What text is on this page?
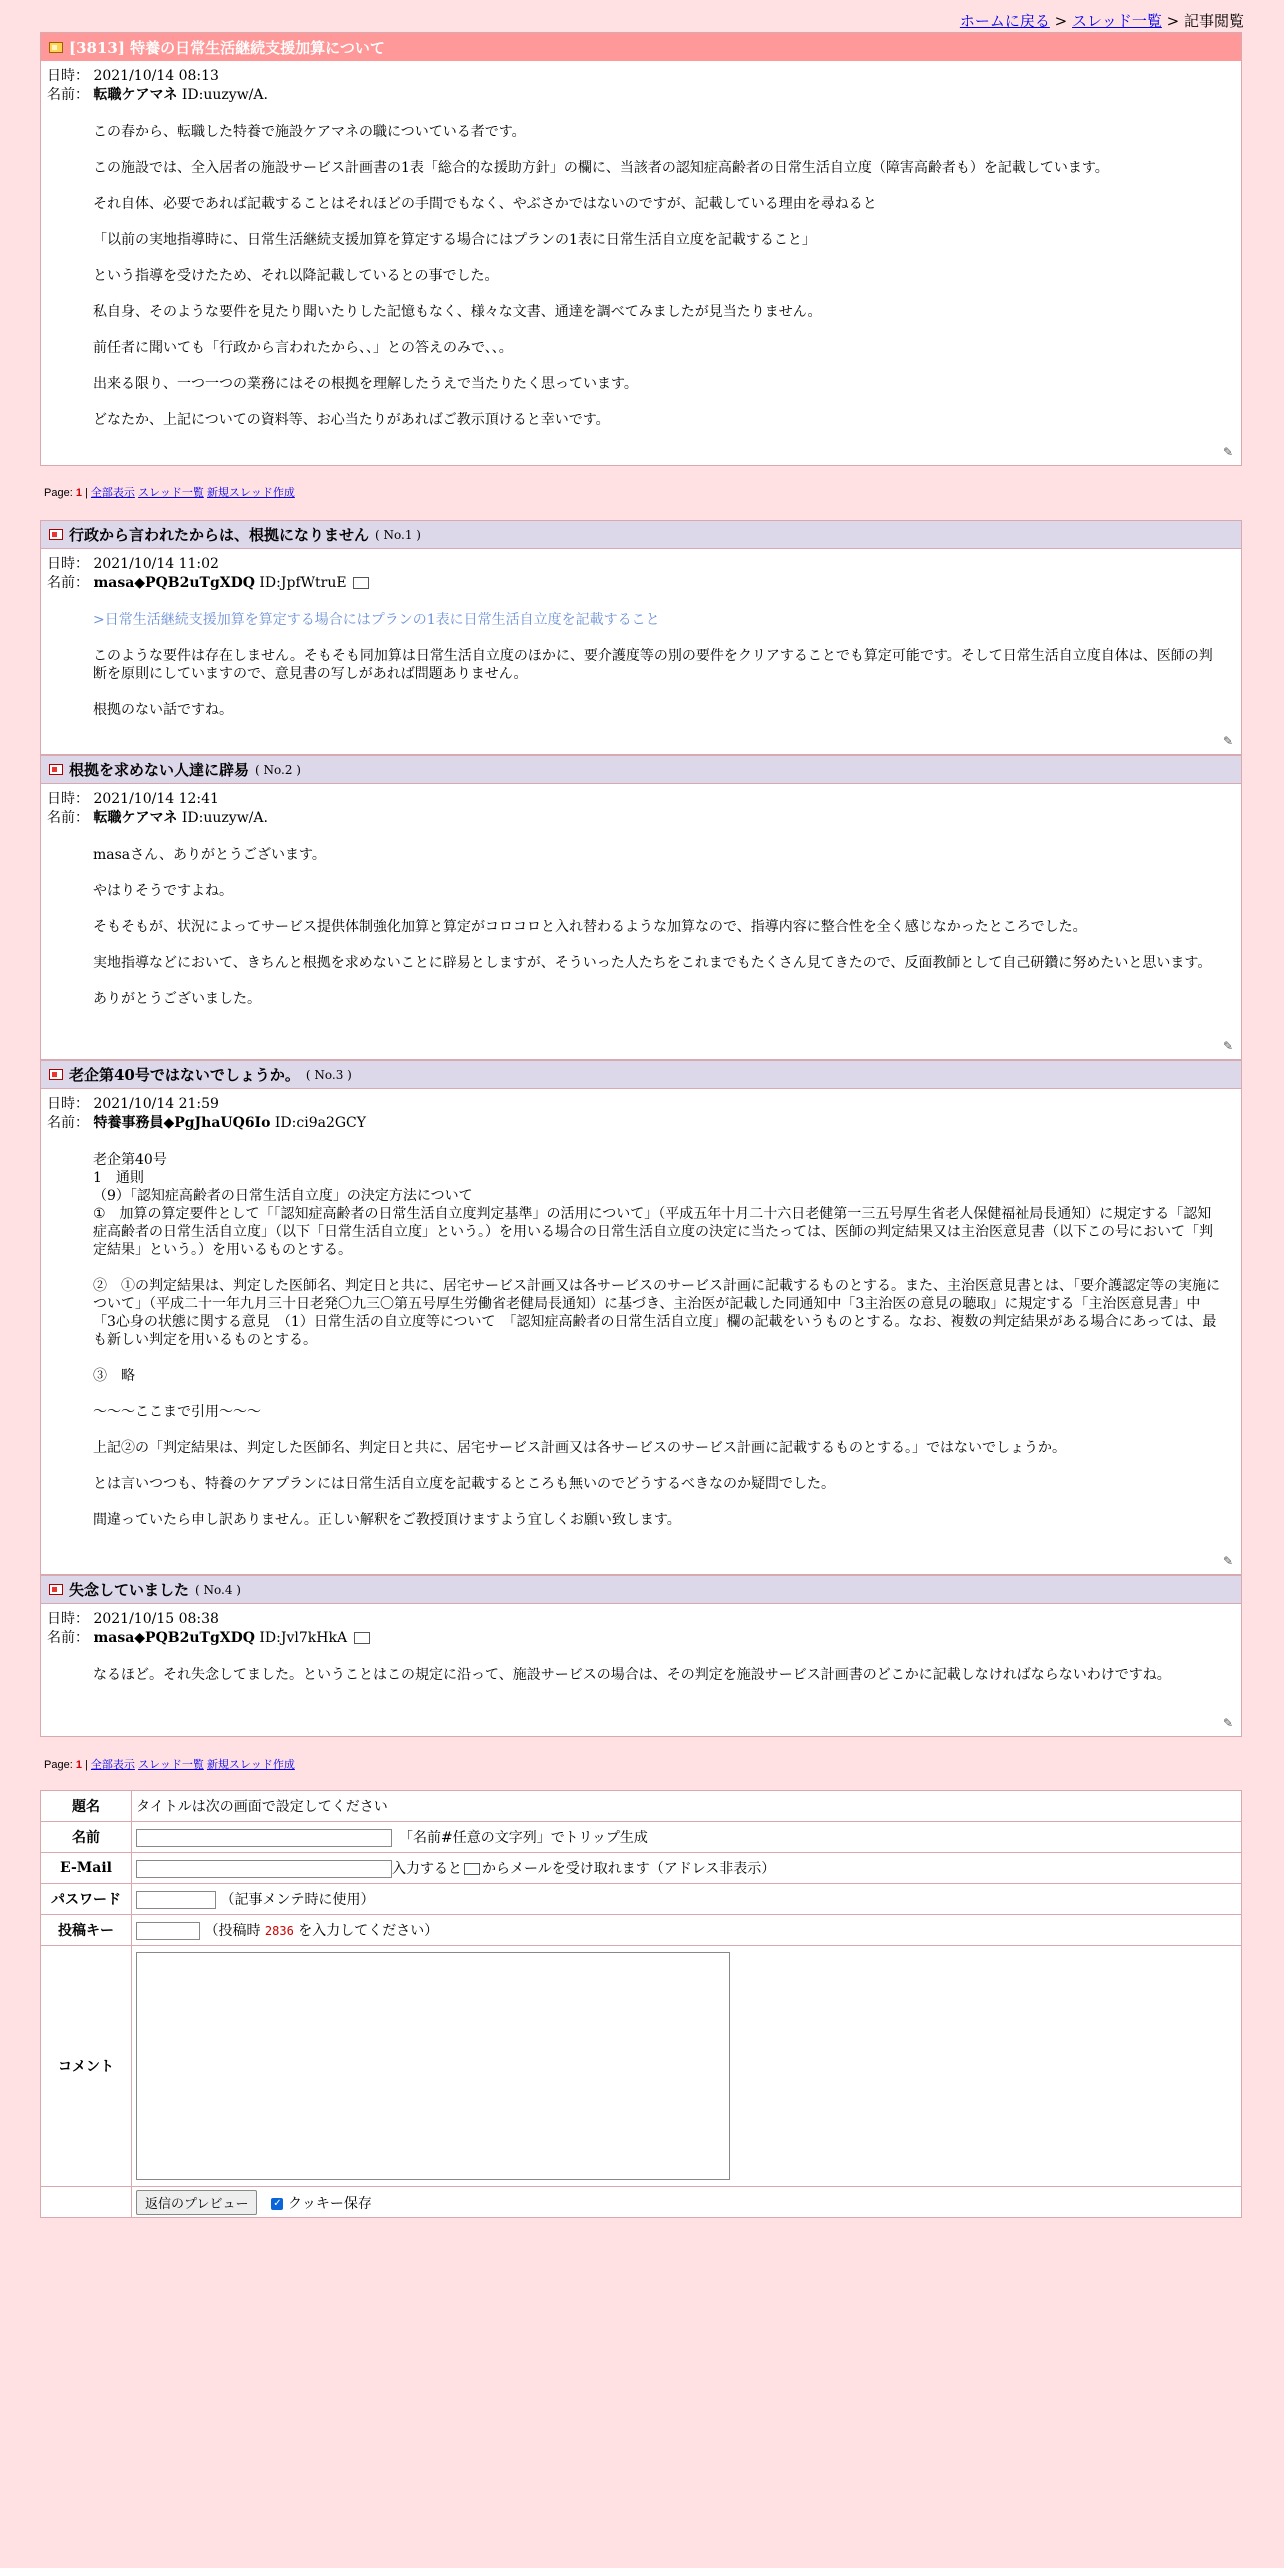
ホームに戻る > スレッド一覧 > 記事閲覧
[3813] 特養の日常生活継続支援加算について
日時： 2021/10/14 08:13
名前： 転職ケアマネ ID:uuzyw/A.

この春から、転職した特養で施設ケアマネの職についている者です。

この施設では、全入居者の施設サービス計画書の1表「総合的な援助方針」の欄に、当該者の認知症高齢者の日常生活自立度（障害高齢者も）を記載しています。

それ自体、必要であれば記載することはそれほどの手間でもなく、やぶさかではないのですが、記載している理由を尋ねると

「以前の実地指導時に、日常生活継続支援加算を算定する場合にはプランの1表に日常生活自立度を記載すること」

という指導を受けたため、それ以降記載しているとの事でした。

私自身、そのような要件を見たり聞いたりした記憶もなく、様々な文書、通達を調べてみましたが見当たりません。

前任者に聞いても「行政から言われたから、、」との答えのみで、、。

出来る限り、一つ一つの業務にはその根拠を理解したうえで当たりたく思っています。

どなたか、上記についての資料等、お心当たりがあればご教示頂けると幸いです。

✎
Page: 1 | 全部表示 スレッド一覧 新規スレッド作成
行政から言われたからは、根拠になりません ( No.1 )
日時： 2021/10/14 11:02
名前： masa◆PQB2uTgXDQ ID:JpfWtruE

>日常生活継続支援加算を算定する場合にはプランの1表に日常生活自立度を記載すること

このような要件は存在しません。そもそも同加算は日常生活自立度のほかに、要介護度等の別の要件をクリアすることでも算定可能です。そして日常生活自立度自体は、医師の判断を原則にしていますので、意見書の写しがあれば問題ありません。

根拠のない話ですね。

✎
根拠を求めない人達に辟易 ( No.2 )
日時： 2021/10/14 12:41
名前： 転職ケアマネ ID:uuzyw/A.

masaさん、ありがとうございます。

やはりそうですよね。

そもそもが、状況によってサービス提供体制強化加算と算定がコロコロと入れ替わるような加算なので、指導内容に整合性を全く感じなかったところでした。

実地指導などにおいて、きちんと根拠を求めないことに辟易としますが、そういった人たちをこれまでもたくさん見てきたので、反面教師として自己研鑽に努めたいと思います。

ありがとうございました。

✎
老企第40号ではないでしょうか。 ( No.3 )
日時： 2021/10/14 21:59
名前： 特養事務員◆PgJhaUQ6Io ID:ci9a2GCY

老企第40号
1　通則
（9）「認知症高齢者の日常生活自立度」の決定方法について
①　加算の算定要件として「「認知症高齢者の日常生活自立度判定基準」の活用について」（平成五年十月二十六日老健第一三五号厚生省老人保健福祉局長通知）に規定する「認知症高齢者の日常生活自立度」（以下「日常生活自立度」という。）を用いる場合の日常生活自立度の決定に当たっては、医師の判定結果又は主治医意見書（以下この号において「判定結果」という。）を用いるものとする。

②　①の判定結果は、判定した医師名、判定日と共に、居宅サービス計画又は各サービスのサービス計画に記載するものとする。また、主治医意見書とは、「要介護認定等の実施について」（平成二十一年九月三十日老発〇九三〇第五号厚生労働省老健局長通知）に基づき、主治医が記載した同通知中「3主治医の意見の聴取」に規定する「主治医意見書」中「3心身の状態に関する意見　（1）日常生活の自立度等について　「認知症高齢者の日常生活自立度」欄の記載をいうものとする。なお、複数の判定結果がある場合にあっては、最も新しい判定を用いるものとする。

③　略

～～～ここまで引用～～～

上記②の「判定結果は、判定した医師名、判定日と共に、居宅サービス計画又は各サービスのサービス計画に記載するものとする。」ではないでしょうか。

とは言いつつも、特養のケアプランには日常生活自立度を記載するところも無いのでどうするべきなのか疑問でした。

間違っていたら申し訳ありません。正しい解釈をご教授頂けますよう宜しくお願い致します。

✎
失念していました ( No.4 )
日時： 2021/10/15 08:38
名前： masa◆PQB2uTgXDQ ID:Jvl7kHkA

なるほど。それ失念してました。ということはこの規定に沿って、施設サービスの場合は、その判定を施設サービス計画書のどこかに記載しなければならないわけですね。

✎
Page: 1 | 全部表示 スレッド一覧 新規スレッド作成
題名	タイトルは次の画面で設定してください
名前	　「名前#任意の文字列」でトリップ生成
E-Mail	入力すると からメールを受け取れます（アドレス非表示）
パスワード	（記事メンテ時に使用）
投稿キー	（投稿時 2836 を入力してください）
コメント	

	返信のプレビュー　 ✓ クッキー保存
